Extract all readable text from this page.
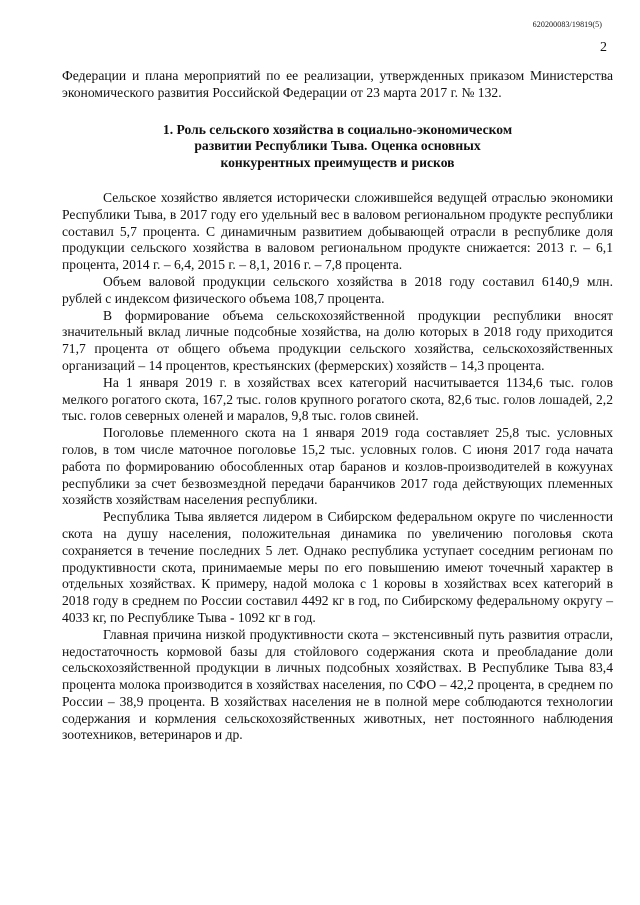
620200083/19819(5)
2

Федерации и плана мероприятий по ее реализации, утвержденных приказом Министерства экономического развития Российской Федерации от 23 марта 2017 г. № 132.

1. Роль сельского хозяйства в социально-экономическом
развитии Республики Тыва. Оценка основных
конкурентных преимуществ и рисков

Сельское хозяйство является исторически сложившейся ведущей отраслью экономики Республики Тыва, в 2017 году его удельный вес в валовом региональном продукте республики составил 5,7 процента. С динамичным развитием добывающей отрасли в республике доля продукции сельского хозяйства в валовом региональном продукте снижается: 2013 г. – 6,1 процента, 2014 г. – 6,4, 2015 г. – 8,1, 2016 г. – 7,8 процента.

Объем валовой продукции сельского хозяйства в 2018 году составил 6140,9 млн. рублей с индексом физического объема 108,7 процента.

В формирование объема сельскохозяйственной продукции республики вносят значительный вклад личные подсобные хозяйства, на долю которых в 2018 году приходится 71,7 процента от общего объема продукции сельского хозяйства, сельскохозяйственных организаций – 14 процентов, крестьянских (фермерских) хозяйств – 14,3 процента.

На 1 января 2019 г. в хозяйствах всех категорий насчитывается 1134,6 тыс. голов мелкого рогатого скота, 167,2 тыс. голов крупного рогатого скота, 82,6 тыс. голов лошадей, 2,2 тыс. голов северных оленей и маралов, 9,8 тыс. голов свиней.

Поголовье племенного скота на 1 января 2019 года составляет 25,8 тыс. условных голов, в том числе маточное поголовье 15,2 тыс. условных голов. С июня 2017 года начата работа по формированию обособленных отар баранов и козлов-производителей в кожуунах республики за счет безвозмездной передачи баранчиков 2017 года действующих племенных хозяйств хозяйствам населения республики.

Республика Тыва является лидером в Сибирском федеральном округе по численности скота на душу населения, положительная динамика по увеличению поголовья скота сохраняется в течение последних 5 лет. Однако республика уступает соседним регионам по продуктивности скота, принимаемые меры по его повышению имеют точечный характер в отдельных хозяйствах. К примеру, надой молока с 1 коровы в хозяйствах всех категорий в 2018 году в среднем по России составил 4492 кг в год, по Сибирскому федеральному округу – 4033 кг, по Республике Тыва - 1092 кг в год.

Главная причина низкой продуктивности скота – экстенсивный путь развития отрасли, недостаточность кормовой базы для стойлового содержания скота и преобладание доли сельскохозяйственной продукции в личных подсобных хозяйствах. В Республике Тыва 83,4 процента молока производится в хозяйствах населения, по СФО – 42,2 процента, в среднем по России – 38,9 процента. В хозяйствах населения не в полной мере соблюдаются технологии содержания и кормления сельскохозяйственных животных, нет постоянного наблюдения зоотехников, ветеринаров и др.
